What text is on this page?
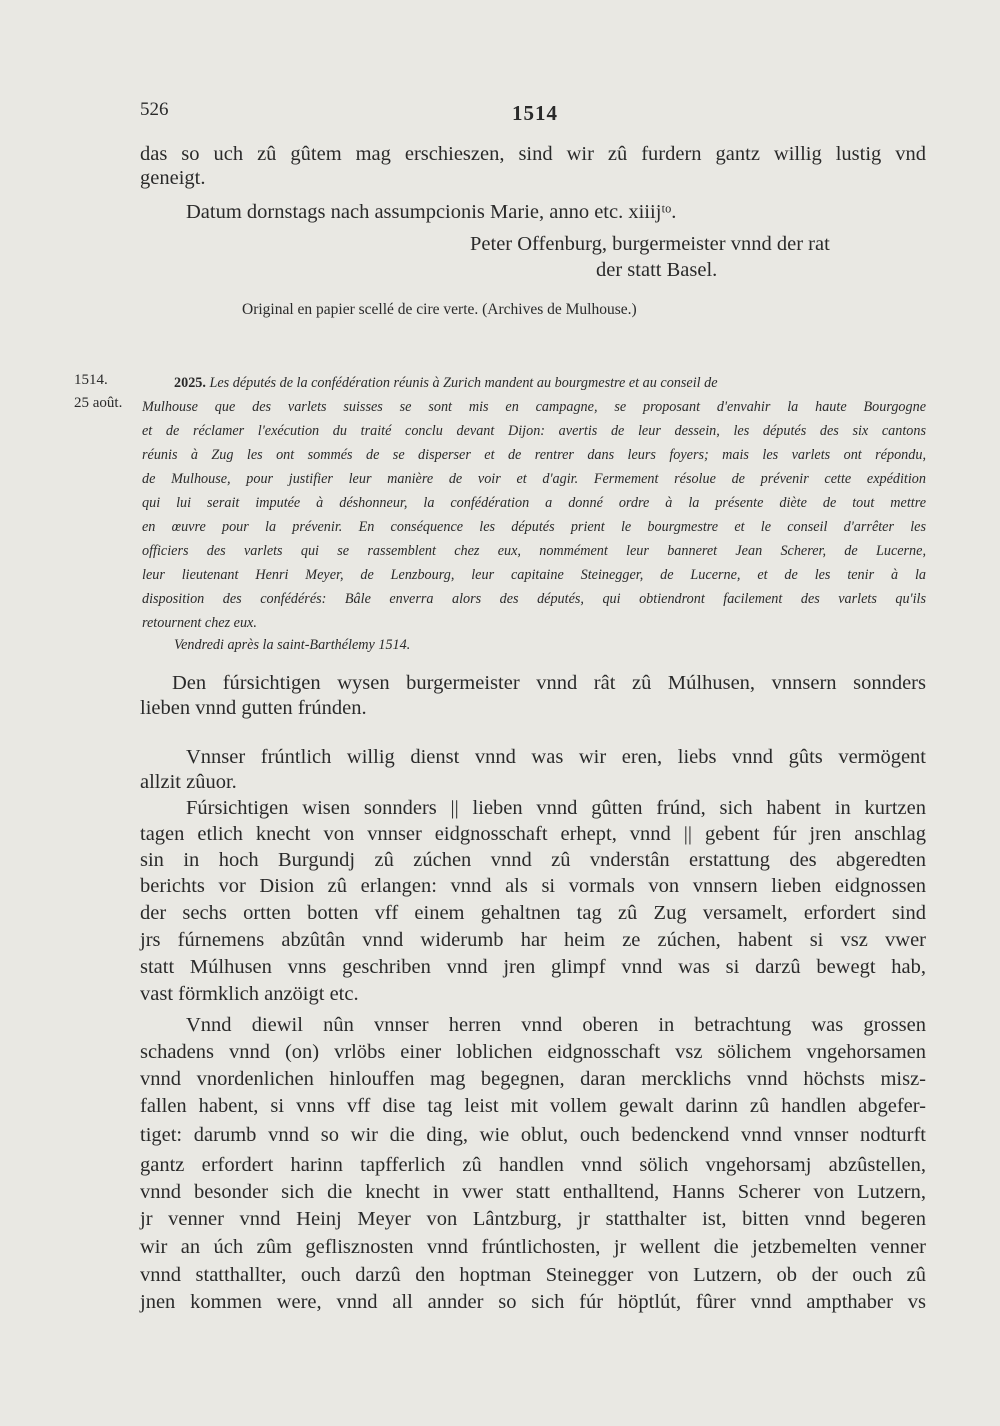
526	1514
das so uch zû gûtem mag erschieszen, sind wir zû furdern gantz willig lustig vnd
geneigt.
Datum dornstags nach assumpcionis Marie, anno etc. xiiijᵗᵒ.
Peter Offenburg, burgermeister vnnd der rat
der statt Basel.
Original en papier scellé de cire verte. (Archives de Mulhouse.)
1514.
25 août.
2025. Les députés de la confédération réunis à Zurich mandent au bourgmestre et au conseil de
Mulhouse que des varlets suisses se sont mis en campagne, se proposant d'envahir la haute Bourgogne
et de réclamer l'exécution du traité conclu devant Dijon: avertis de leur dessein, les députés des six cantons
réunis à Zug les ont sommés de se disperser et de rentrer dans leurs foyers; mais les varlets ont répondu,
de Mulhouse, pour justifier leur manière de voir et d'agir. Fermement résolue de prévenir cette expédition
qui lui serait imputée à déshonneur, la confédération a donné ordre à la présente diète de tout mettre
en œuvre pour la prévenir. En conséquence les députés prient le bourgmestre et le conseil d'arrêter les
officiers des varlets qui se rassemblent chez eux, nommément leur banneret Jean Scherer, de Lucerne,
leur lieutenant Henri Meyer, de Lenzbourg, leur capitaine Steinegger, de Lucerne, et de les tenir à la
disposition des confédérés: Bâle enverra alors des députés, qui obtiendront facilement des varlets qu'ils
retournent chez eux.
Vendredi après la saint-Barthélemy 1514.
Den fúrsichtigen wysen burgermeister vnnd rât zû Múlhusen, vnnsern sonnders
lieben vnnd gutten frúnden.
Vnnser frúntlich willig dienst vnnd was wir eren, liebs vnnd gûts vermögent
allzit zûuor.
Fúrsichtigen wisen sonnders || lieben vnnd gûtten frúnd, sich habent in kurtzen
tagen etlich knecht von vnnser eidgnosschaft erhept, vnnd || gebent fúr jren anschlag
sin in hoch Burgundj zû zúchen vnnd zû vnderstân erstattung des abgeredten
berichts vor Dision zû erlangen: vnnd als si vormals von vnnsern lieben eidgnossen
der sechs ortten botten vff einem gehaltnen tag zû Zug versamelt, erfordert sind
jrs fúrnemens abzûtân vnnd widerumb har heim ze zúchen, habent si vsz vwer
statt Múlhusen vnns geschriben vnnd jren glimpf vnnd was si darzû bewegt hab,
vast förmklich anzöigt etc.
Vnnd diewil nûn vnnser herren vnnd oberen in betrachtung was grossen
schadens vnnd (on) vrlöbs einer loblichen eidgnosschaft vsz sölichem vngehorsamen
vnnd vnordenlichen hinlouffen mag begegnen, daran mercklichs vnnd höchsts misz-
fallen habent, si vnns vff dise tag leist mit vollem gewalt darinn zû handlen abgefer-
tiget: darumb vnnd so wir die ding, wie oblut, ouch bedenckend vnnd vnnser nodturft
gantz erfordert harinn tapfferlich zû handlen vnnd sölich vngehorsamj abzûstellen,
vnnd besonder sich die knecht in vwer statt enthalltend, Hanns Scherer von Lutzern,
jr venner vnnd Heinj Meyer von Lântzburg, jr statthalter ist, bitten vnnd begeren
wir an úch zûm geflisznosten vnnd frúntlichosten, jr wellent die jetzbemelten venner
vnnd statthallter, ouch darzû den hoptman Steinegger von Lutzern, ob der ouch zû
jnen kommen were, vnnd all annder so sich fúr höptlút, fûrer vnnd ampthaber vs
